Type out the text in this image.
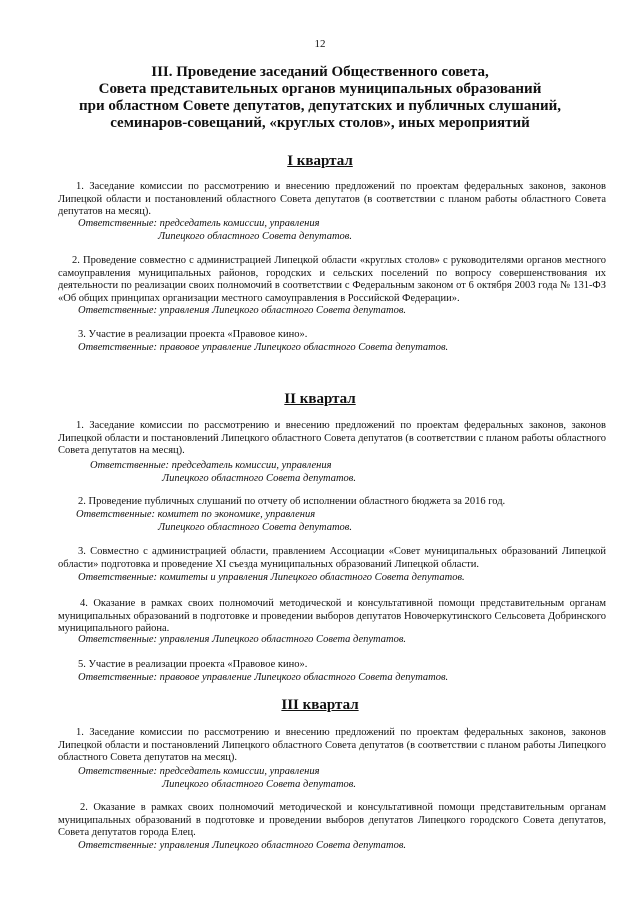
12
III. Проведение заседаний Общественного совета,
Совета представительных органов муниципальных образований
при областном Совете депутатов, депутатских и публичных слушаний,
семинаров-совещаний, «круглых столов», иных мероприятий
I квартал
1. Заседание комиссии по рассмотрению и внесению предложений по проектам федеральных законов, законов Липецкой области и постановлений областного Совета депутатов (в соответствии с планом работы областного Совета депутатов на месяц).
Ответственные: председатель комиссии, управления
Липецкого областного Совета депутатов.
2. Проведение совместно с администрацией Липецкой области «круглых столов» с руководителями органов местного самоуправления муниципальных районов, городских и сельских поселений по вопросу совершенствования их деятельности по реализации своих полномочий в соответствии с Федеральным законом от 6 октября 2003 года № 131-ФЗ «Об общих принципах организации местного самоуправления в Российской Федерации».
Ответственные: управления Липецкого областного Совета депутатов.
3. Участие в реализации проекта «Правовое кино».
Ответственные: правовое управление Липецкого областного Совета депутатов.
II квартал
1. Заседание комиссии по рассмотрению и внесению предложений по проектам федеральных законов, законов Липецкой области и постановлений Липецкого областного Совета депутатов (в соответствии с планом работы областного Совета депутатов на месяц).
Ответственные: председатель комиссии, управления
Липецкого областного Совета депутатов.
2. Проведение публичных слушаний по отчету об исполнении областного бюджета за 2016 год.
Ответственные: комитет по экономике, управления
Липецкого областного Совета депутатов.
3. Совместно с администрацией области, правлением Ассоциации «Совет муниципальных образований Липецкой области» подготовка и проведение XI съезда муниципальных образований Липецкой области.
Ответственные: комитеты и управления Липецкого областного Совета депутатов.
4. Оказание в рамках своих полномочий методической и консультативной помощи представительным органам муниципальных образований в подготовке и проведении выборов депутатов Новочеркутинского Сельсовета Добринского муниципального района.
Ответственные: управления Липецкого областного Совета депутатов.
5. Участие в реализации проекта «Правовое кино».
Ответственные: правовое управление Липецкого областного Совета депутатов.
III квартал
1. Заседание комиссии по рассмотрению и внесению предложений по проектам федеральных законов, законов Липецкой области и постановлений Липецкого областного Совета депутатов (в соответствии с планом работы Липецкого областного Совета депутатов на месяц).
Ответственные: председатель комиссии, управления
Липецкого областного Совета депутатов.
2. Оказание в рамках своих полномочий методической и консультативной помощи представительным органам муниципальных образований в подготовке и проведении выборов депутатов Липецкого городского Совета депутатов, Совета депутатов города Елец.
Ответственные: управления Липецкого областного Совета депутатов.
